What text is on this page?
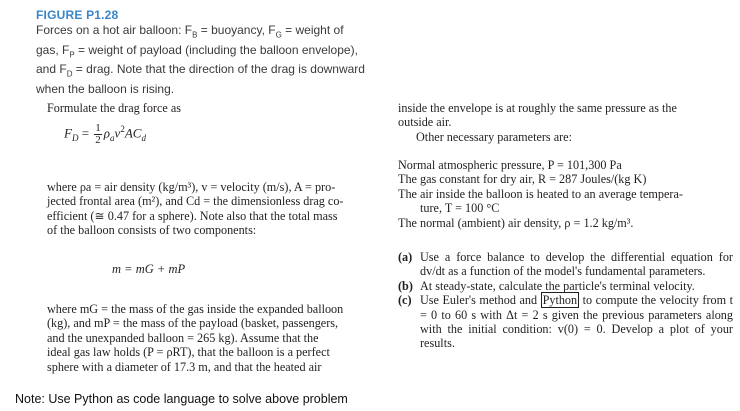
FIGURE P1.28
Forces on a hot air balloon: $F_B$ = buoyancy, $F_G$ = weight of gas, $F_P$ = weight of payload (including the balloon envelope), and $F_D$ = drag. Note that the direction of the drag is downward when the balloon is rising.
Formulate the drag force as
$F_D = \frac{1}{2} \rho_av^2AC_d$
where ρa = air density (kg/m³), v = velocity (m/s), A = pro-
jected frontal area (m²), and Cd = the dimensionless drag co-
efficient (≅ 0.47 for a sphere). Note also that the total mass
of the balloon consists of two components:
m = mG + mP
where mG = the mass of the gas inside the expanded balloon
(kg), and mP = the mass of the payload (basket, passengers,
and the unexpanded balloon = 265 kg). Assume that the
ideal gas law holds (P = ρRT), that the balloon is a perfect
sphere with a diameter of 17.3 m, and that the heated air
inside the envelope is at roughly the same pressure as the
outside air.
Other necessary parameters are:
Normal atmospheric pressure, P = 101,300 Pa
The gas constant for dry air, R = 287 Joules/(kg K)
The air inside the balloon is heated to an average tempera-
ture, T = 100 °C
The normal (ambient) air density, ρ = 1.2 kg/m³.
(a) Use a force balance to develop the differential equation for dv/dt as a function of the model's fundamental parameters.
(b) At steady-state, calculate the particle's terminal velocity.
(c) Use Euler's method and Python to compute the velocity from t = 0 to 60 s with Δt = 2 s given the previous parameters along with the initial condition: v(0) = 0. Develop a plot of your results.
Note: Use Python as code language to solve above problem
